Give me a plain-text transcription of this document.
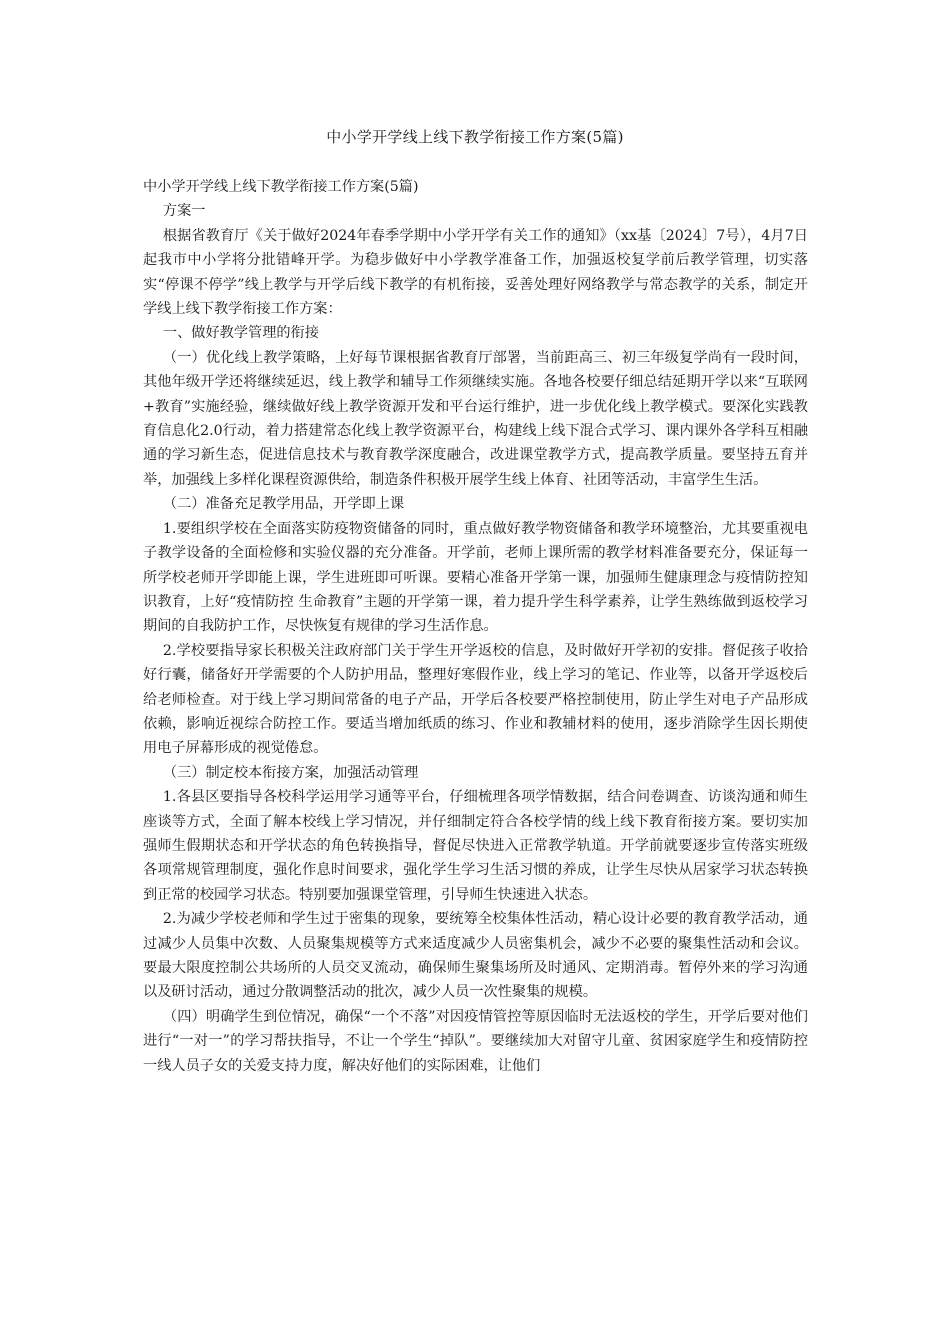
中小学开学线上线下教学衔接工作方案(5篇)

中小学开学线上线下教学衔接工作方案(5篇)

方案一

根据省教育厅《关于做好2024年春季学期中小学开学有关工作的通知》（xx基〔2024〕7号），4月7日起我市中小学将分批错峰开学。为稳步做好中小学教学准备工作，加强返校复学前后教学管理，切实落实“停课不停学”线上教学与开学后线下教学的有机衔接，妥善处理好网络教学与常态教学的关系，制定开学线上线下教学衔接工作方案：

一、做好教学管理的衔接

（一）优化线上教学策略，上好每节课根据省教育厅部署，当前距高三、初三年级复学尚有一段时间，其他年级开学还将继续延迟，线上教学和辅导工作须继续实施。各地各校要仔细总结延期开学以来“互联网+教育”实施经验，继续做好线上教学资源开发和平台运行维护，进一步优化线上教学模式。要深化实践教育信息化2.0行动，着力搭建常态化线上教学资源平台，构建线上线下混合式学习、课内课外各学科互相融通的学习新生态，促进信息技术与教育教学深度融合，改进课堂教学方式，提高教学质量。要坚持五育并举，加强线上多样化课程资源供给，制造条件积极开展学生线上体育、社团等活动，丰富学生生活。

（二）准备充足教学用品，开学即上课

1.要组织学校在全面落实防疫物资储备的同时，重点做好教学物资储备和教学环境整治，尤其要重视电子教学设备的全面检修和实验仪器的充分准备。开学前，老师上课所需的教学材料准备要充分，保证每一所学校老师开学即能上课，学生进班即可听课。要精心准备开学第一课，加强师生健康理念与疫情防控知识教育，上好“疫情防控 生命教育”主题的开学第一课，着力提升学生科学素养，让学生熟练做到返校学习期间的自我防护工作，尽快恢复有规律的学习生活作息。

2.学校要指导家长积极关注政府部门关于学生开学返校的信息，及时做好开学初的安排。督促孩子收拾好行囊，储备好开学需要的个人防护用品，整理好寒假作业，线上学习的笔记、作业等，以备开学返校后给老师检查。对于线上学习期间常备的电子产品，开学后各校要严格控制使用，防止学生对电子产品形成依赖，影响近视综合防控工作。要适当增加纸质的练习、作业和教辅材料的使用，逐步消除学生因长期使用电子屏幕形成的视觉倦怠。

（三）制定校本衔接方案，加强活动管理

1.各县区要指导各校科学运用学习通等平台，仔细梳理各项学情数据，结合问卷调查、访谈沟通和师生座谈等方式，全面了解本校线上学习情况，并仔细制定符合各校学情的线上线下教育衔接方案。要切实加强师生假期状态和开学状态的角色转换指导，督促尽快进入正常教学轨道。开学前就要逐步宣传落实班级各项常规管理制度，强化作息时间要求，强化学生学习生活习惯的养成，让学生尽快从居家学习状态转换到正常的校园学习状态。特别要加强课堂管理，引导师生快速进入状态。

2.为减少学校老师和学生过于密集的现象，要统筹全校集体性活动，精心设计必要的教育教学活动，通过减少人员集中次数、人员聚集规模等方式来适度减少人员密集机会，减少不必要的聚集性活动和会议。要最大限度控制公共场所的人员交叉流动，确保师生聚集场所及时通风、定期消毒。暂停外来的学习沟通以及研讨活动，通过分散调整活动的批次，减少人员一次性聚集的规模。

（四）明确学生到位情况，确保“一个不落”对因疫情管控等原因临时无法返校的学生，开学后要对他们进行“一对一”的学习帮扶指导，不让一个学生“掉队”。要继续加大对留守儿童、贫困家庭学生和疫情防控一线人员子女的关爱支持力度，解决好他们的实际困难，让他们
